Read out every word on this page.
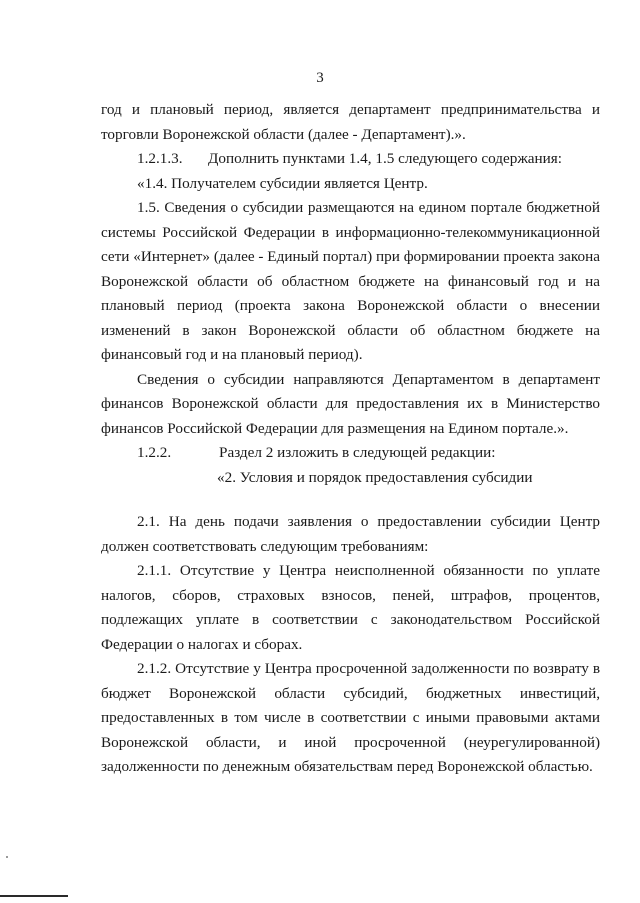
3

год и плановый период, является департамент предпринимательства и торговли Воронежской области (далее - Департамент).».

1.2.1.3.	Дополнить пунктами 1.4, 1.5 следующего содержания:

«1.4. Получателем субсидии является Центр.

1.5. Сведения о субсидии размещаются на едином портале бюджетной системы Российской Федерации в информационно-телекоммуникационной сети «Интернет» (далее - Единый портал) при формировании проекта закона Воронежской области об областном бюджете на финансовый год и на плановый период (проекта закона Воронежской области о внесении изменений в закон Воронежской области об областном бюджете на финансовый год и на плановый период).

Сведения о субсидии направляются Департаментом в департамент финансов Воронежской области для предоставления их в Министерство финансов Российской Федерации для размещения на Едином портале.».

1.2.2.	Раздел 2 изложить в следующей редакции:

«2. Условия и порядок предоставления субсидии

2.1. На день подачи заявления о предоставлении субсидии Центр должен соответствовать следующим требованиям:

2.1.1. Отсутствие у Центра неисполненной обязанности по уплате налогов, сборов, страховых взносов, пеней, штрафов, процентов, подлежащих уплате в соответствии с законодательством Российской Федерации о налогах и сборах.

2.1.2. Отсутствие у Центра просроченной задолженности по возврату в бюджет Воронежской области субсидий, бюджетных инвестиций, предоставленных в том числе в соответствии с иными правовыми актами Воронежской области, и иной просроченной (неурегулированной) задолженности по денежным обязательствам перед Воронежской областью.
